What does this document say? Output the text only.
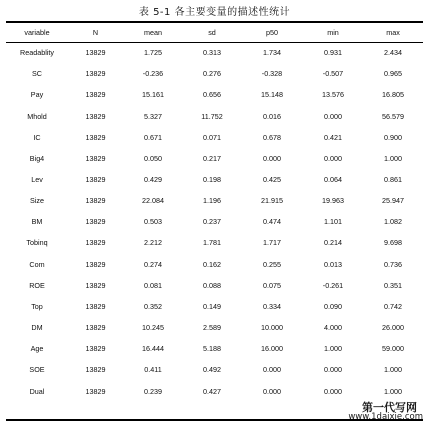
表 5-1 各主要变量的描述性统计
variable	N	mean	sd	p50	min	max
Readablity	13829	1.725	0.313	1.734	0.931	2.434
SC	13829	-0.236	0.276	-0.328	-0.507	0.965
Pay	13829	15.161	0.656	15.148	13.576	16.805
Mhold	13829	5.327	11.752	0.016	0.000	56.579
IC	13829	0.671	0.071	0.678	0.421	0.900
Big4	13829	0.050	0.217	0.000	0.000	1.000
Lev	13829	0.429	0.198	0.425	0.064	0.861
Size	13829	22.084	1.196	21.915	19.963	25.947
BM	13829	0.503	0.237	0.474	1.101	1.082
Tobinq	13829	2.212	1.781	1.717	0.214	9.698
Com	13829	0.274	0.162	0.255	0.013	0.736
ROE	13829	0.081	0.088	0.075	-0.261	0.351
Top	13829	0.352	0.149	0.334	0.090	0.742
DM	13829	10.245	2.589	10.000	4.000	26.000
Age	13829	16.444	5.188	16.000	1.000	59.000
SOE	13829	0.411	0.492	0.000	0.000	1.000
Dual	13829	0.239	0.427	0.000	0.000	1.000
第一代写网
www.1daixie.com
